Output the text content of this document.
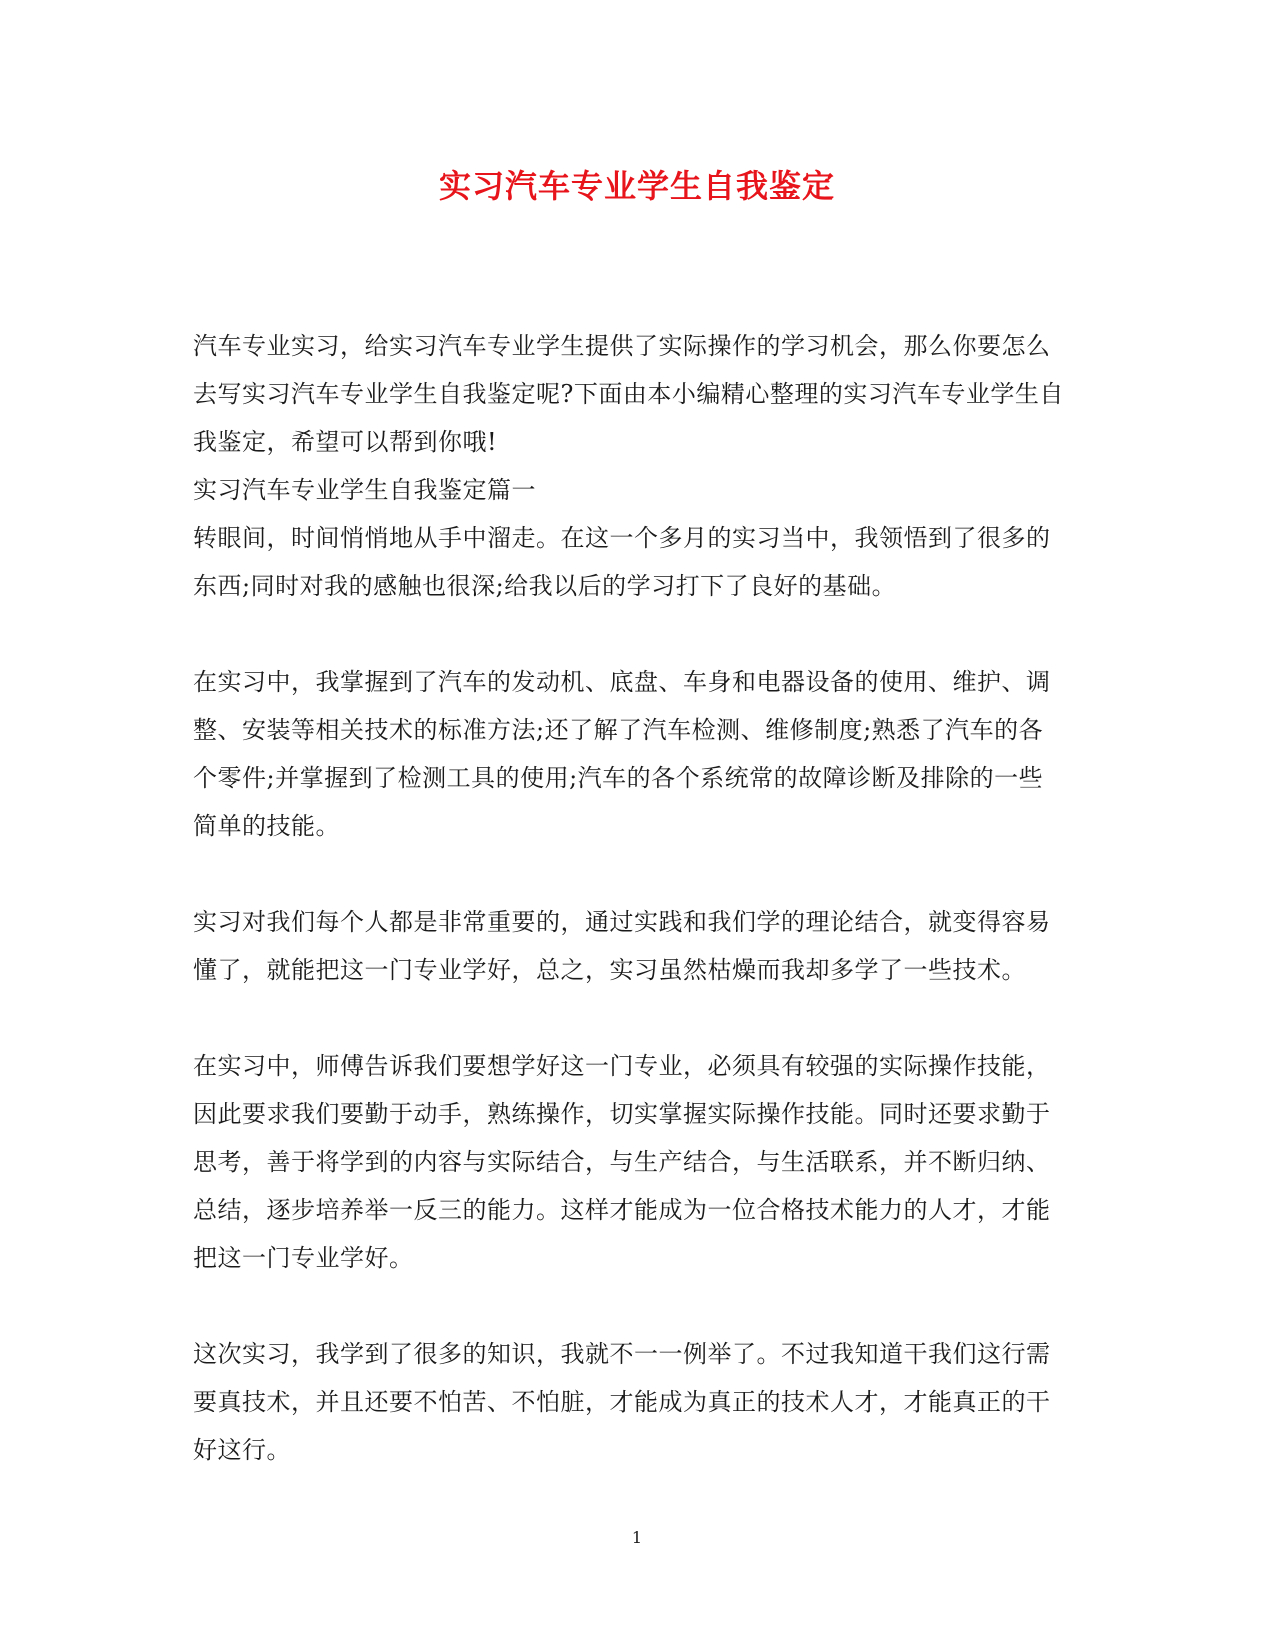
实习汽车专业学生自我鉴定
汽车专业实习，给实习汽车专业学生提供了实际操作的学习机会，那么你要怎么
去写实习汽车专业学生自我鉴定呢?下面由本小编精心整理的实习汽车专业学生自
我鉴定，希望可以帮到你哦!
实习汽车专业学生自我鉴定篇一
转眼间，时间悄悄地从手中溜走。在这一个多月的实习当中，我领悟到了很多的
东西;同时对我的感触也很深;给我以后的学习打下了良好的基础。
在实习中，我掌握到了汽车的发动机、底盘、车身和电器设备的使用、维护、调
整、安装等相关技术的标准方法;还了解了汽车检测、维修制度;熟悉了汽车的各
个零件;并掌握到了检测工具的使用;汽车的各个系统常的故障诊断及排除的一些
简单的技能。
实习对我们每个人都是非常重要的，通过实践和我们学的理论结合，就变得容易
懂了，就能把这一门专业学好，总之，实习虽然枯燥而我却多学了一些技术。
在实习中，师傅告诉我们要想学好这一门专业，必须具有较强的实际操作技能，
因此要求我们要勤于动手，熟练操作，切实掌握实际操作技能。同时还要求勤于
思考，善于将学到的内容与实际结合，与生产结合，与生活联系，并不断归纳、
总结，逐步培养举一反三的能力。这样才能成为一位合格技术能力的人才，才能
把这一门专业学好。
这次实习，我学到了很多的知识，我就不一一例举了。不过我知道干我们这行需
要真技术，并且还要不怕苦、不怕脏，才能成为真正的技术人才，才能真正的干
好这行。
1
